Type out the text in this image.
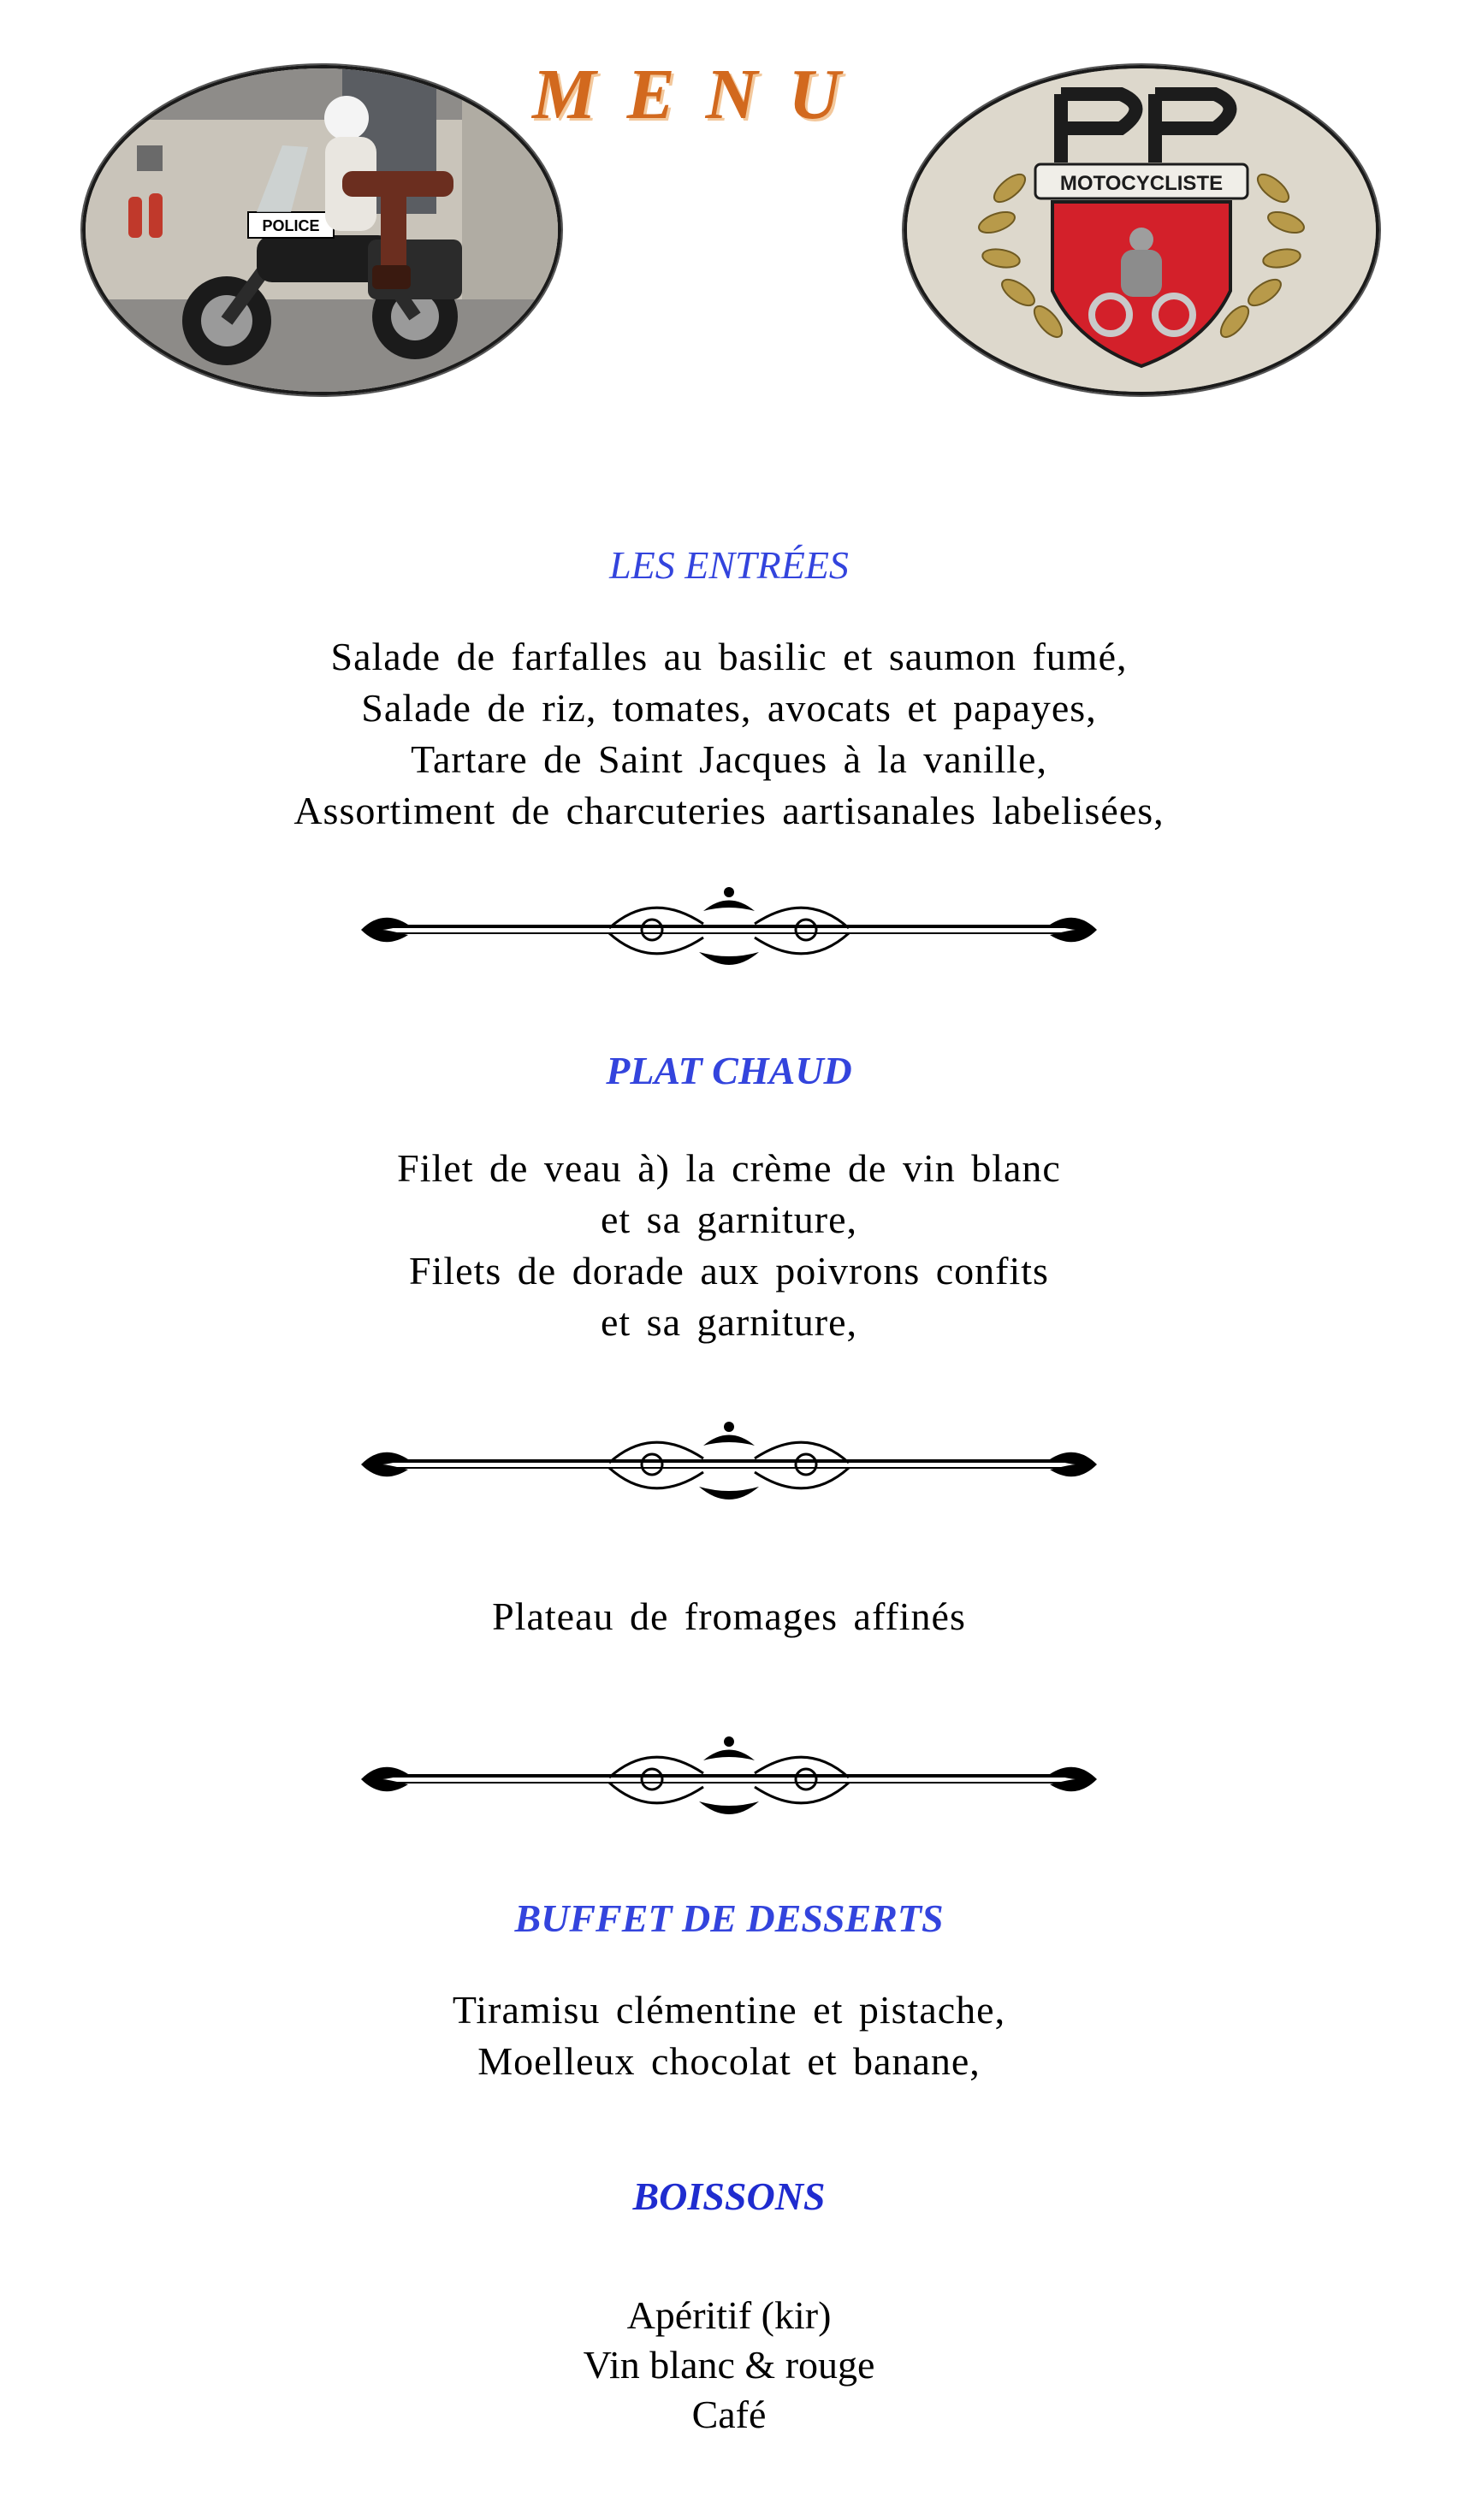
MENU
POLICE
MOTOCYCLISTE

LES ENTRÉES

Salade de farfalles au basilic et saumon fumé,
Salade de riz, tomates, avocats et papayes,
Tartare de Saint Jacques à la vanille,
Assortiment de charcuteries aartisanales labelisées,

PLAT CHAUD

Filet de veau à) la crème de vin blanc
et sa garniture,
Filets de dorade aux poivrons confits
et sa garniture,

Plateau de fromages affinés

BUFFET DE DESSERTS

Tiramisu clémentine et pistache,
Moelleux chocolat et banane,

BOISSONS

Apéritif (kir)
Vin blanc & rouge
Café
